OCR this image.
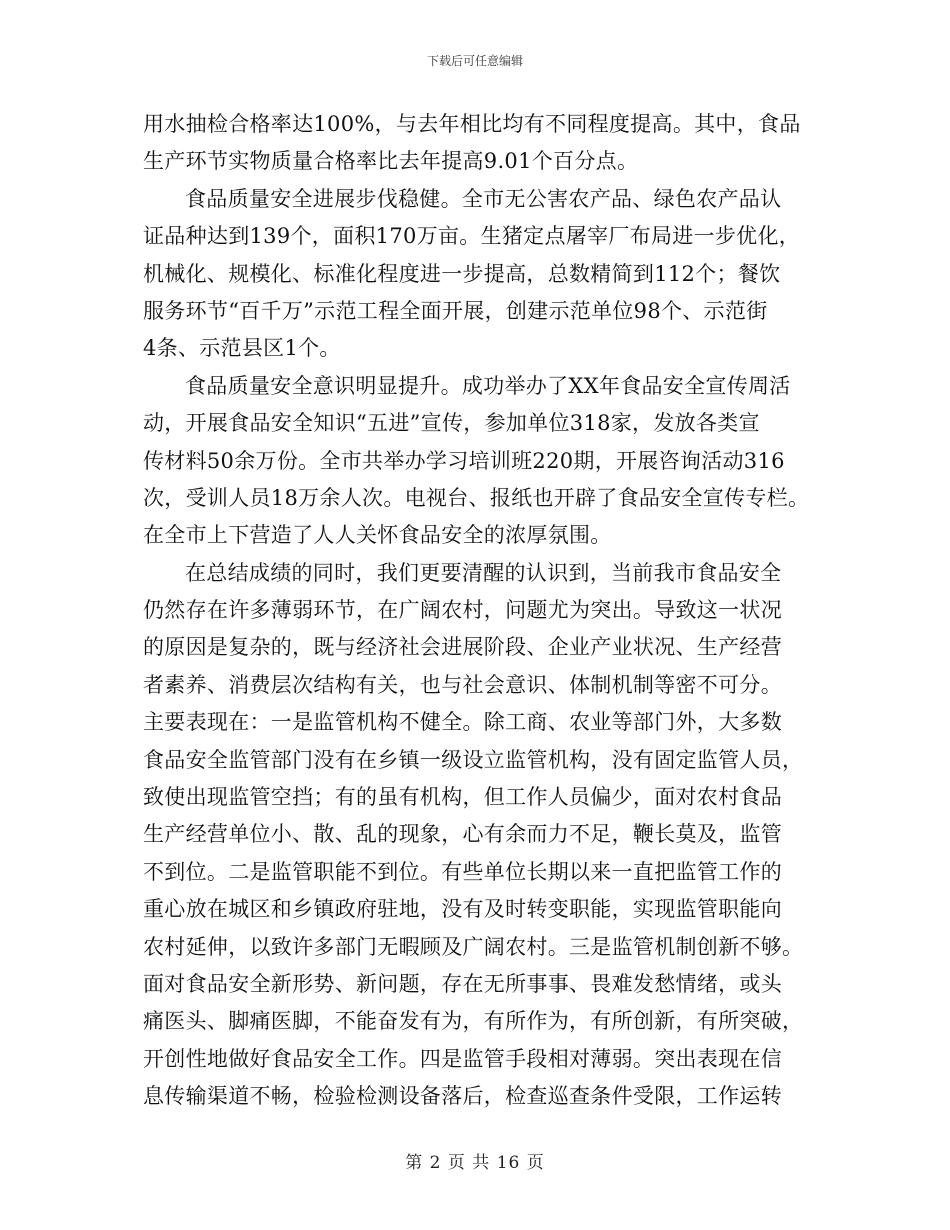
下载后可任意编辑
用水抽检合格率达100%，与去年相比均有不同程度提高。其中，食品
生产环节实物质量合格率比去年提高9.01个百分点。
食品质量安全进展步伐稳健。全市无公害农产品、绿色农产品认
证品种达到139个，面积170万亩。生猪定点屠宰厂布局进一步优化，
机械化、规模化、标准化程度进一步提高，总数精简到112个；餐饮
服务环节“百千万”示范工程全面开展，创建示范单位98个、示范街
4条、示范县区1个。
食品质量安全意识明显提升。成功举办了XX年食品安全宣传周活
动，开展食品安全知识“五进”宣传，参加单位318家，发放各类宣
传材料50余万份。全市共举办学习培训班220期，开展咨询活动316
次，受训人员18万余人次。电视台、报纸也开辟了食品安全宣传专栏。
在全市上下营造了人人关怀食品安全的浓厚氛围。
在总结成绩的同时，我们更要清醒的认识到，当前我市食品安全
仍然存在许多薄弱环节，在广阔农村，问题尤为突出。导致这一状况
的原因是复杂的，既与经济社会进展阶段、企业产业状况、生产经营
者素养、消费层次结构有关，也与社会意识、体制机制等密不可分。
主要表现在：一是监管机构不健全。除工商、农业等部门外，大多数
食品安全监管部门没有在乡镇一级设立监管机构，没有固定监管人员，
致使出现监管空挡；有的虽有机构，但工作人员偏少，面对农村食品
生产经营单位小、散、乱的现象，心有余而力不足，鞭长莫及，监管
不到位。二是监管职能不到位。有些单位长期以来一直把监管工作的
重心放在城区和乡镇政府驻地，没有及时转变职能，实现监管职能向
农村延伸，以致许多部门无暇顾及广阔农村。三是监管机制创新不够。
面对食品安全新形势、新问题，存在无所事事、畏难发愁情绪，或头
痛医头、脚痛医脚，不能奋发有为，有所作为，有所创新，有所突破，
开创性地做好食品安全工作。四是监管手段相对薄弱。突出表现在信
息传输渠道不畅，检验检测设备落后，检查巡查条件受限，工作运转
第 2 页 共 16 页
